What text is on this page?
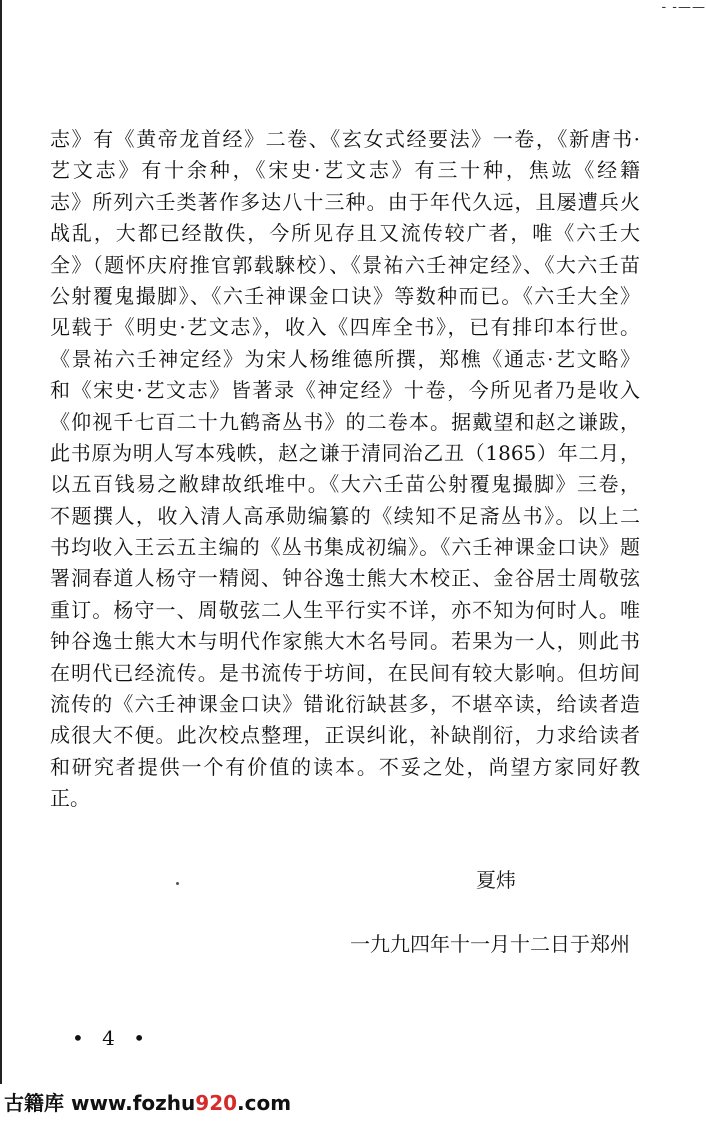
- -——
志》有《黄帝龙首经》二卷、《玄女式经要法》一卷，《新唐书·
艺文志》有十余种，《宋史·艺文志》有三十种，焦竑《经籍
志》所列六壬类著作多达八十三种。由于年代久远，且屡遭兵火
战乱，大都已经散佚，今所见存且又流传较广者，唯《六壬大
全》（题怀庆府推官郭载騋校）、《景祐六壬神定经》、《大六壬苗
公射覆鬼撮脚》、《六壬神课金口诀》等数种而已。《六壬大全》
见载于《明史·艺文志》，收入《四库全书》，已有排印本行世。
《景祐六壬神定经》为宋人杨维德所撰，郑樵《通志·艺文略》
和《宋史·艺文志》皆著录《神定经》十卷，今所见者乃是收入
《仰视千七百二十九鹤斋丛书》的二卷本。据戴望和赵之谦跋，
此书原为明人写本残帙，赵之谦于清同治乙丑（1865）年二月，
以五百钱易之敝肆故纸堆中。《大六壬苗公射覆鬼撮脚》三卷，
不题撰人，收入清人高承勋编纂的《续知不足斋丛书》。以上二
书均收入王云五主编的《丛书集成初编》。《六壬神课金口诀》题
署洞春道人杨守一精阅、钟谷逸士熊大木校正、金谷居士周敬弦
重订。杨守一、周敬弦二人生平行实不详，亦不知为何时人。唯
钟谷逸士熊大木与明代作家熊大木名号同。若果为一人，则此书
在明代已经流传。是书流传于坊间，在民间有较大影响。但坊间
流传的《六壬神课金口诀》错讹衍缺甚多，不堪卒读，给读者造
成很大不便。此次校点整理，正误纠讹，补缺削衍，力求给读者
和研究者提供一个有价值的读本。不妥之处，尚望方家同好教
正。
夏炜
一九九四年十一月十二日于郑州
• 4 •
古籍库 www.fozhu920.com
